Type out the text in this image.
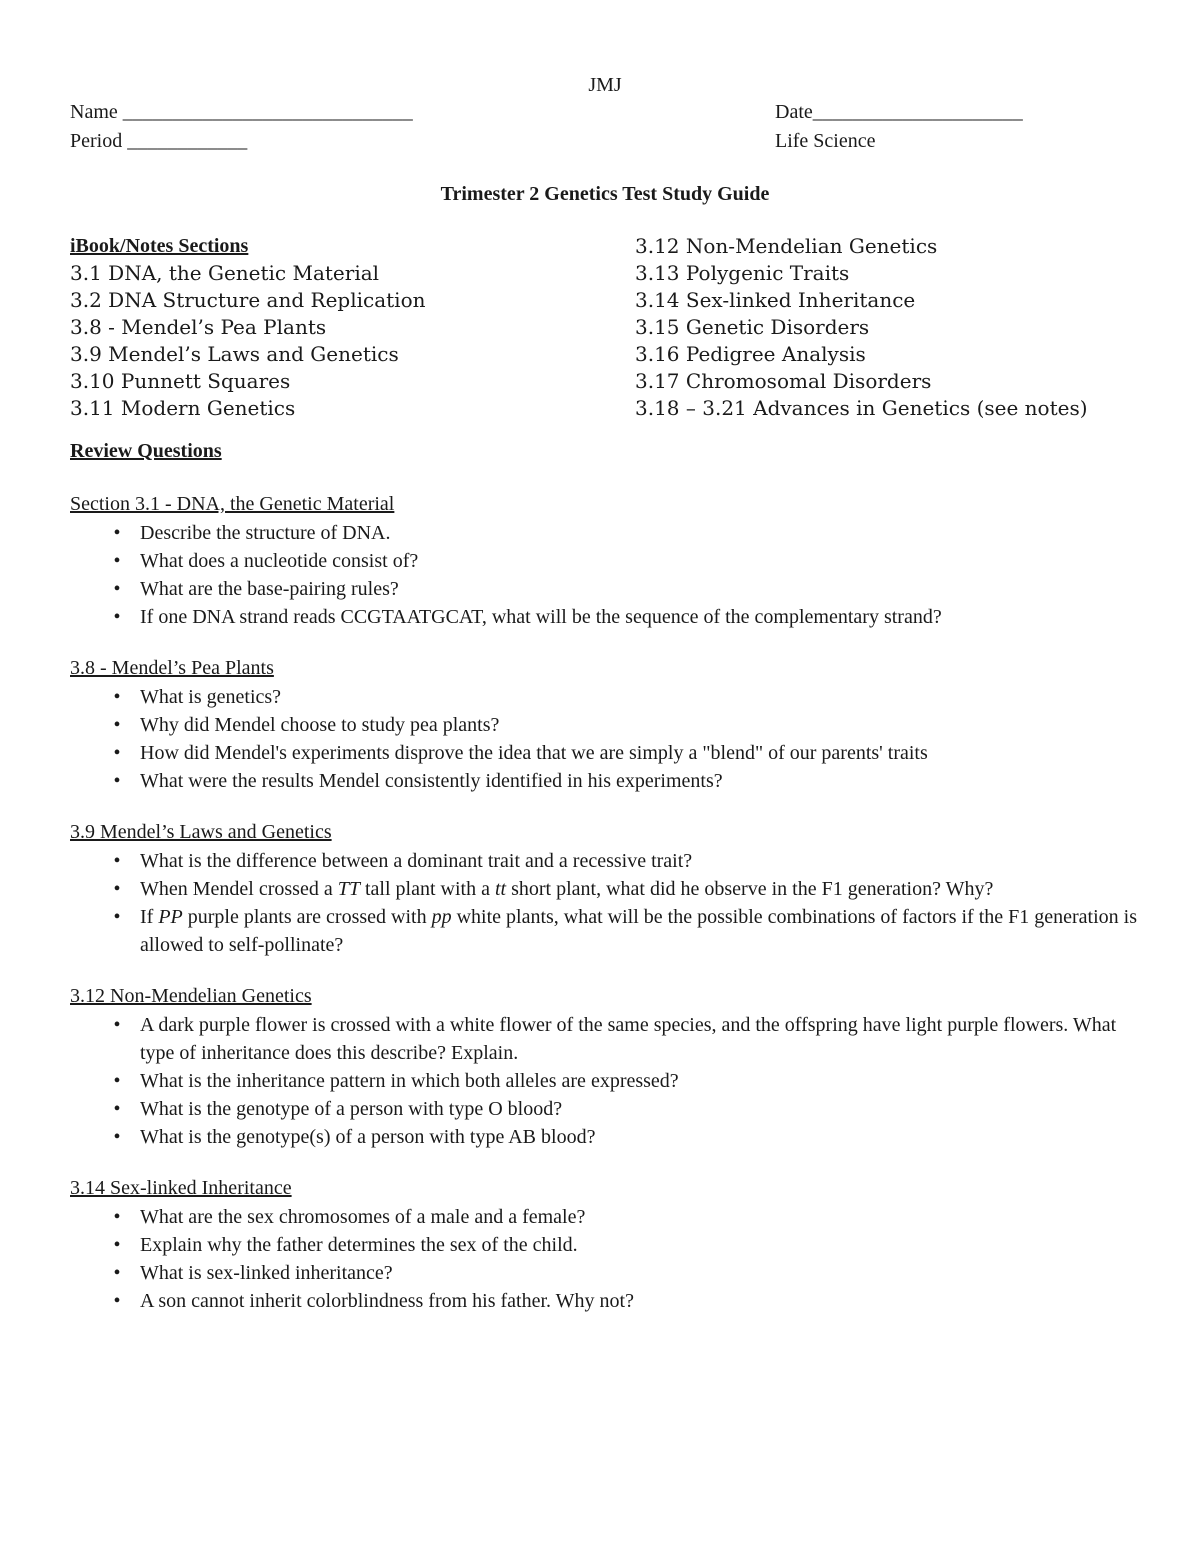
JMJ
Name _____________________________	Date_____________________
Period ____________	Life Science
Trimester 2 Genetics Test Study Guide
iBook/Notes Sections
3.1 DNA, the Genetic Material
3.2 DNA Structure and Replication
3.8 - Mendel’s Pea Plants
3.9 Mendel’s Laws and Genetics
3.10 Punnett Squares
3.11 Modern Genetics
3.12 Non-Mendelian Genetics
3.13 Polygenic Traits
3.14 Sex-linked Inheritance
3.15 Genetic Disorders
3.16 Pedigree Analysis
3.17 Chromosomal Disorders
3.18 – 3.21 Advances in Genetics (see notes)
Review Questions
Section 3.1 - DNA, the Genetic Material
• Describe the structure of DNA.
• What does a nucleotide consist of?
• What are the base-pairing rules?
• If one DNA strand reads CCGTAATGCAT, what will be the sequence of the complementary strand?
3.8 - Mendel’s Pea Plants
• What is genetics?
• Why did Mendel choose to study pea plants?
• How did Mendel's experiments disprove the idea that we are simply a "blend" of our parents' traits
• What were the results Mendel consistently identified in his experiments?
3.9 Mendel’s Laws and Genetics
• What is the difference between a dominant trait and a recessive trait?
• When Mendel crossed a TT tall plant with a tt short plant, what did he observe in the F1 generation? Why?
• If PP purple plants are crossed with pp white plants, what will be the possible combinations of factors if the F1 generation is allowed to self-pollinate?
3.12 Non-Mendelian Genetics
• A dark purple flower is crossed with a white flower of the same species, and the offspring have light purple flowers. What type of inheritance does this describe? Explain.
• What is the inheritance pattern in which both alleles are expressed?
• What is the genotype of a person with type O blood?
• What is the genotype(s) of a person with type AB blood?
3.14 Sex-linked Inheritance
• What are the sex chromosomes of a male and a female?
• Explain why the father determines the sex of the child.
• What is sex-linked inheritance?
• A son cannot inherit colorblindness from his father. Why not?
